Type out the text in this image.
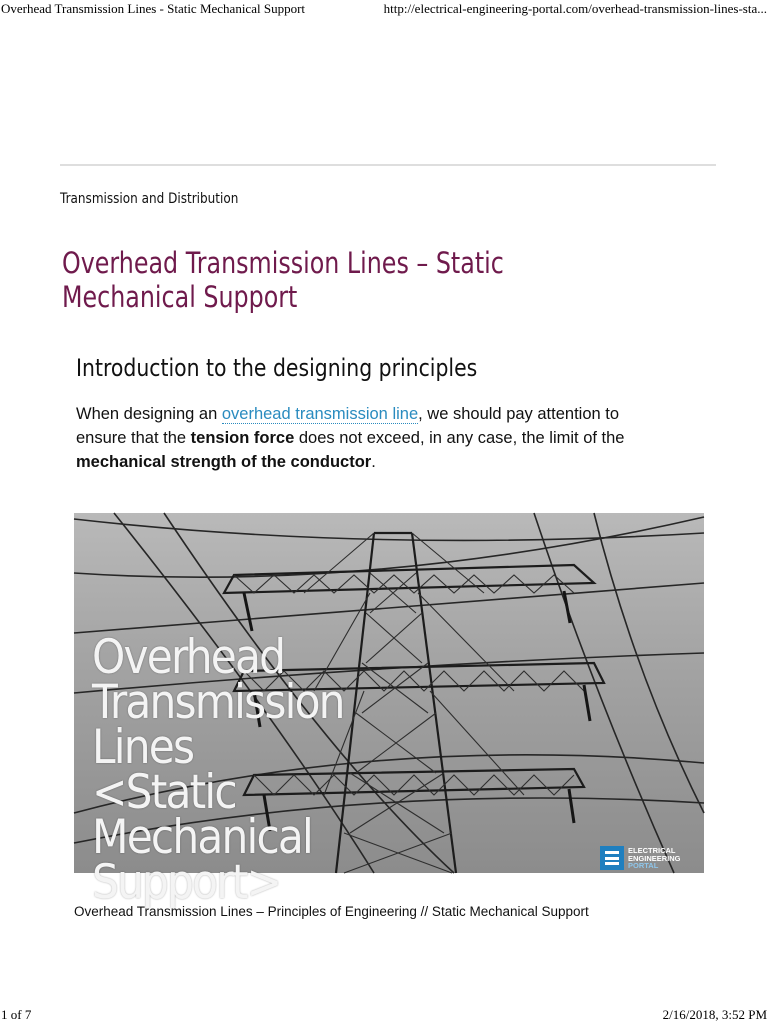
Overhead Transmission Lines - Static Mechanical Support	http://electrical-engineering-portal.com/overhead-transmission-lines-sta...
Transmission and Distribution
Overhead Transmission Lines – Static
Mechanical Support
Introduction to the designing principles
When designing an overhead transmission line, we should pay attention to
ensure that the tension force does not exceed, in any case, the limit of the
mechanical strength of the conductor.
Overhead
Transmission
Lines
<Static
Mechanical
Support>
ELECTRICAL
ENGINEERING
PORTAL
Overhead Transmission Lines – Principles of Engineering // Static Mechanical Support
1 of 7	2/16/2018, 3:52 PM
